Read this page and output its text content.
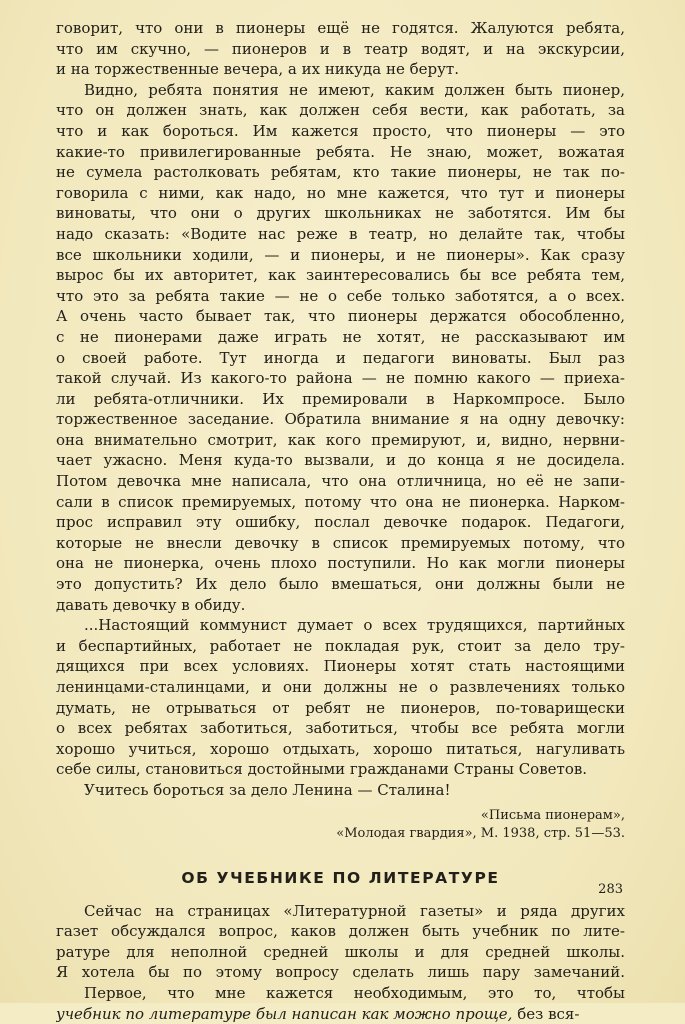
говорит, что они в пионеры ещё не годятся. Жалуются ребята,
что им скучно, — пионеров и в театр водят, и на экскурсии,
и на торжественные вечера, а их никуда не берут.

Видно, ребята понятия не имеют, каким должен быть пионер,
что он должен знать, как должен себя вести, как работать, за
что и как бороться. Им кажется просто, что пионеры — это
какие-то привилегированные ребята. Не знаю, может, вожатая
не сумела растолковать ребятам, кто такие пионеры, не так по-
говорила с ними, как надо, но мне кажется, что тут и пионеры
виноваты, что они о других школьниках не заботятся. Им бы
надо сказать: «Водите нас реже в театр, но делайте так, чтобы
все школьники ходили, — и пионеры, и не пионеры». Как сразу
вырос бы их авторитет, как заинтересовались бы все ребята тем,
что это за ребята такие — не о себе только заботятся, а о всех.
А очень часто бывает так, что пионеры держатся обособленно,
с не пионерами даже играть не хотят, не рассказывают им
о своей работе. Тут иногда и педагоги виноваты. Был раз
такой случай. Из какого-то района — не помню какого — приеха-
ли ребята-отличники. Их премировали в Наркомпросе. Было
торжественное заседание. Обратила внимание я на одну девочку:
она внимательно смотрит, как кого премируют, и, видно, нервни-
чает ужасно. Меня куда-то вызвали, и до конца я не досидела.
Потом девочка мне написала, что она отличница, но её не запи-
сали в список премируемых, потому что она не пионерка. Нарком-
прос исправил эту ошибку, послал девочке подарок. Педагоги,
которые не внесли девочку в список премируемых потому, что
она не пионерка, очень плохо поступили. Но как могли пионеры
это допустить? Их дело было вмешаться, они должны были не
давать девочку в обиду.

...Настоящий коммунист думает о всех трудящихся, партийных
и беспартийных, работает не покладая рук, стоит за дело тру-
дящихся при всех условиях. Пионеры хотят стать настоящими
ленинцами-сталинцами, и они должны не о развлечениях только
думать, не отрываться от ребят не пионеров, по-товарищески
о всех ребятах заботиться, заботиться, чтобы все ребята могли
хорошо учиться, хорошо отдыхать, хорошо питаться, нагуливать
себе силы, становиться достойными гражданами Страны Советов.

Учитесь бороться за дело Ленина — Сталина!

«Письма пионерам»,
«Молодая гвардия», М. 1938, стр. 51—53.
ОБ УЧЕБНИКЕ ПО ЛИТЕРАТУРЕ

Сейчас на страницах «Литературной газеты» и ряда других
газет обсуждался вопрос, каков должен быть учебник по лите-
ратуре для неполной средней школы и для средней школы.
Я хотела бы по этому вопросу сделать лишь пару замечаний.

Первое, что мне кажется необходимым, это то, чтобы
учебник по литературе был написан как можно проще, без вся-

283
